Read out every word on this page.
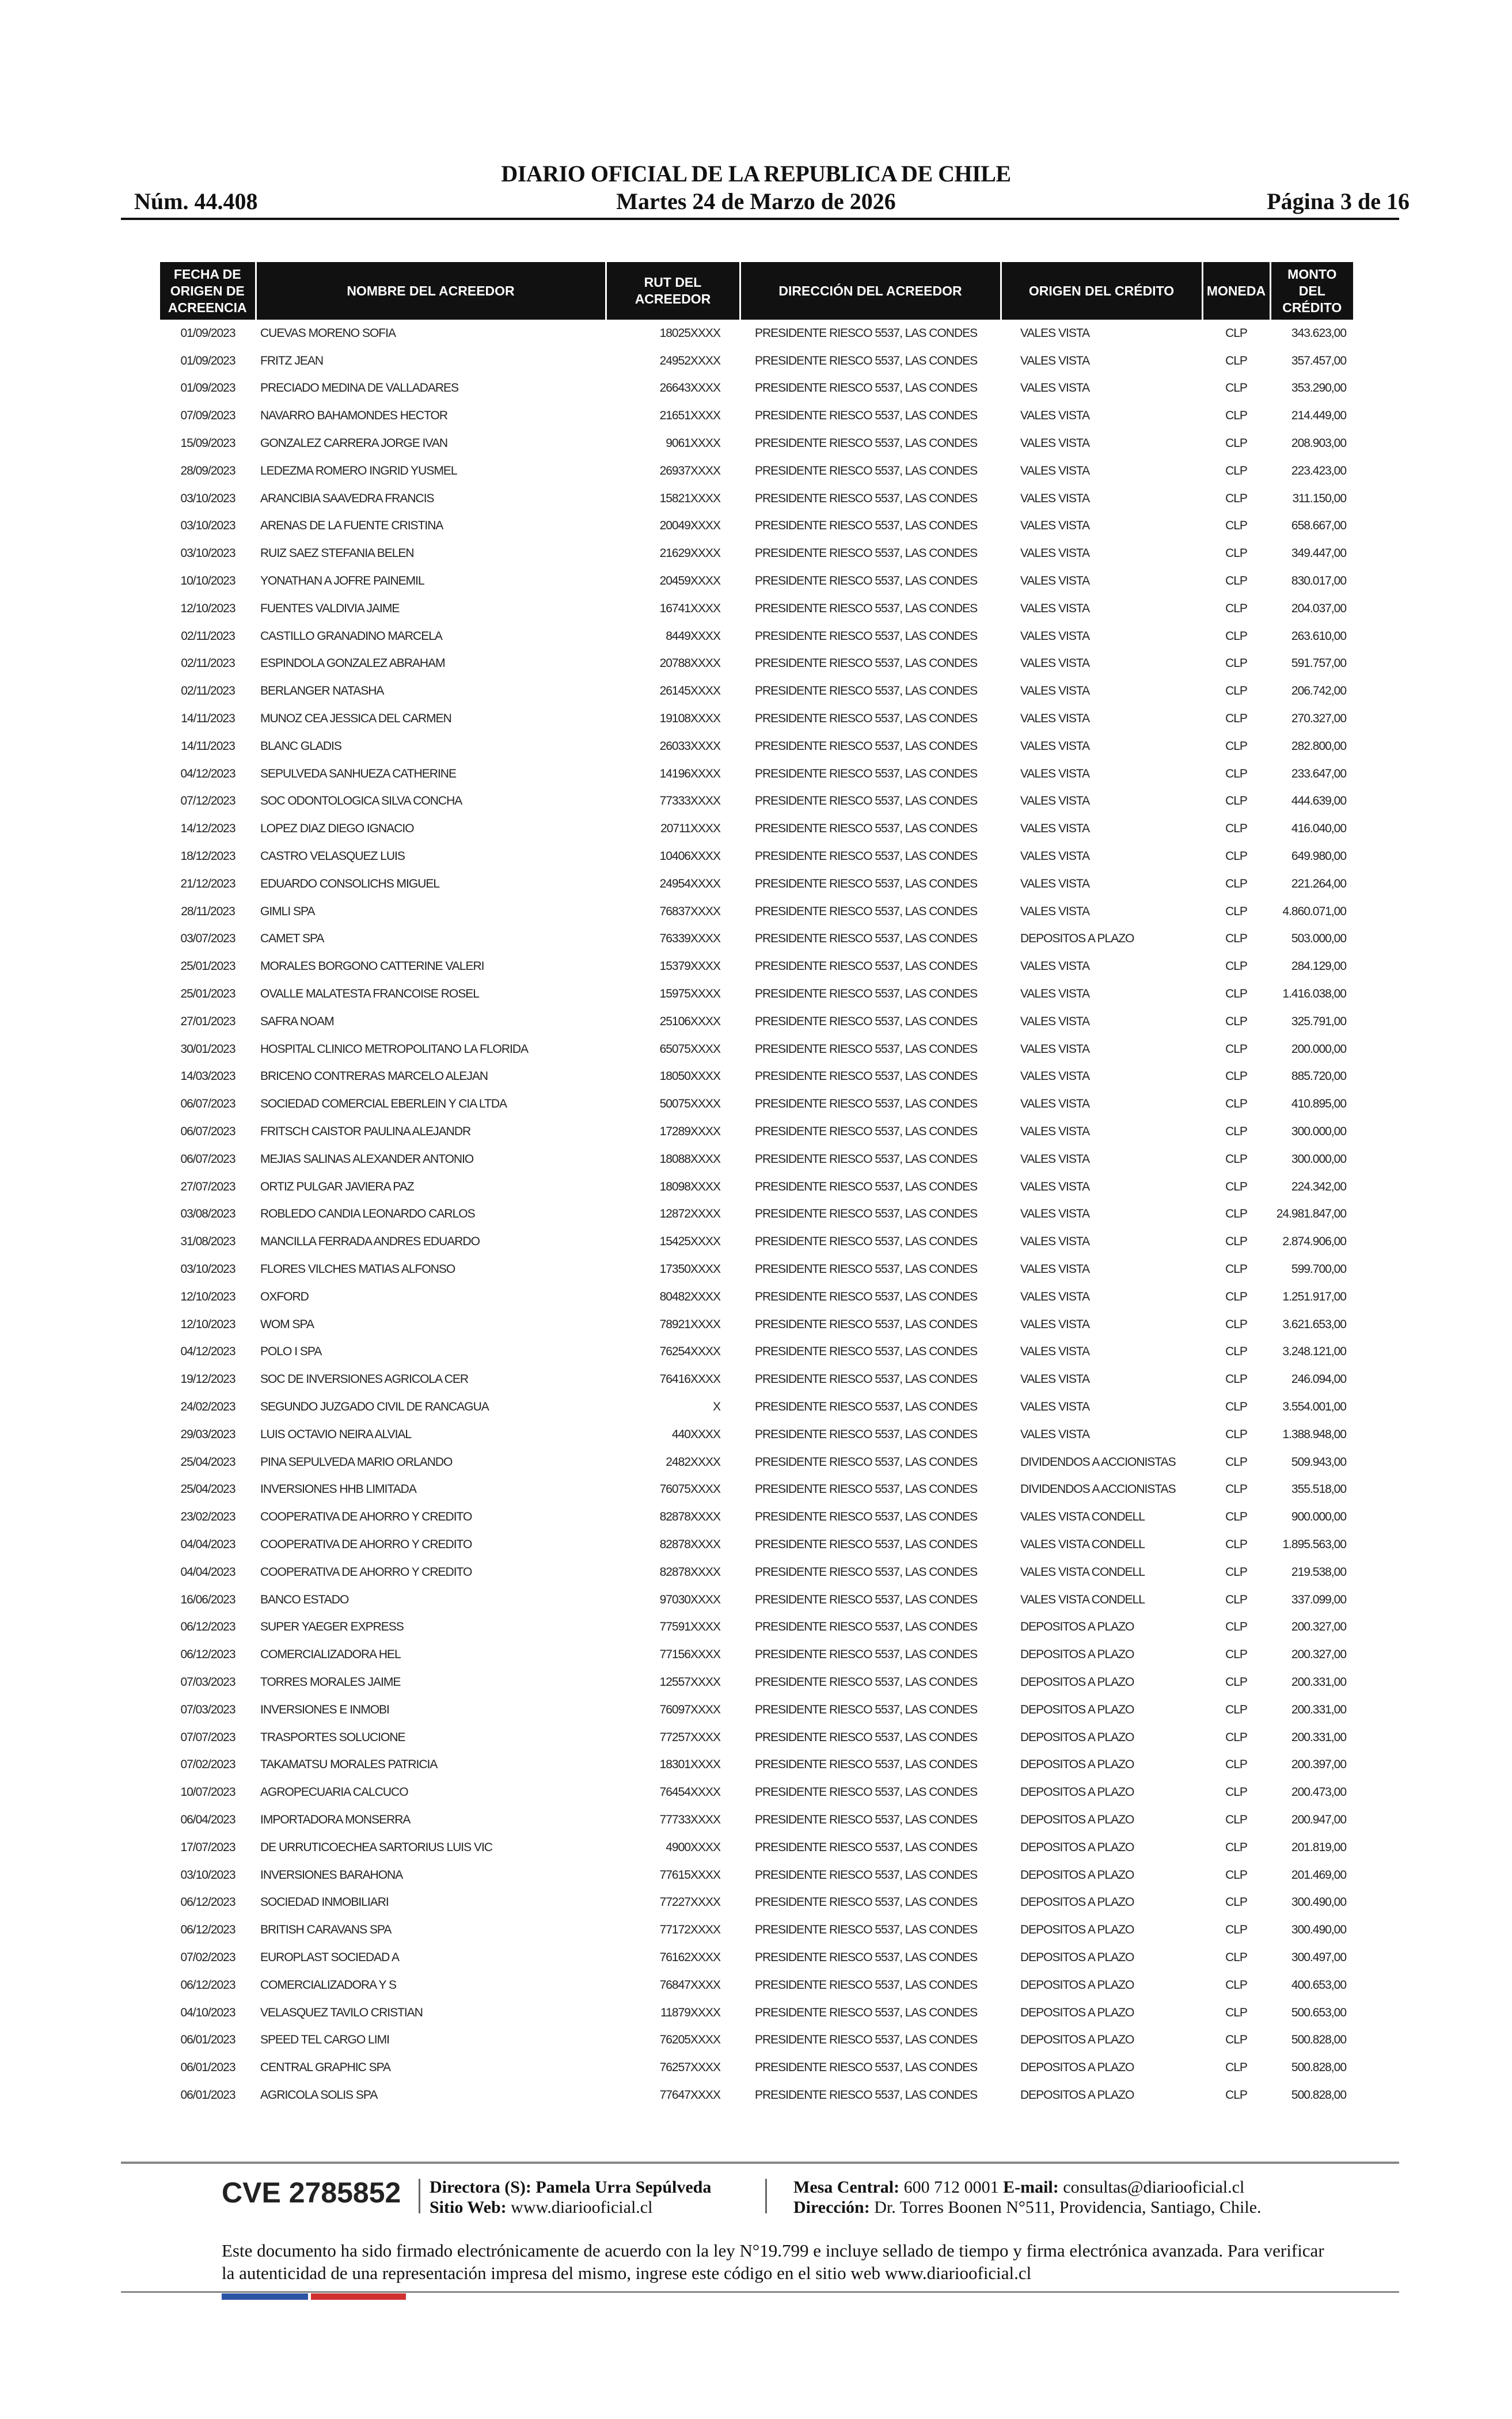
DIARIO OFICIAL DE LA REPUBLICA DE CHILE
Martes 24 de Marzo de 2026
Núm. 44.408	Página 3 de 16
FECHA DE ORIGEN DE ACREENCIA	NOMBRE DEL ACREEDOR	RUT DEL ACREEDOR	DIRECCIÓN DEL ACREEDOR	ORIGEN DEL CRÉDITO	MONEDA	MONTO DEL CRÉDITO
01/09/2023	CUEVAS MORENO SOFIA	18025XXXX	PRESIDENTE RIESCO 5537, LAS CONDES	VALES VISTA	CLP	343.623,00
01/09/2023	FRITZ JEAN	24952XXXX	PRESIDENTE RIESCO 5537, LAS CONDES	VALES VISTA	CLP	357.457,00
01/09/2023	PRECIADO MEDINA DE VALLADARES	26643XXXX	PRESIDENTE RIESCO 5537, LAS CONDES	VALES VISTA	CLP	353.290,00
07/09/2023	NAVARRO BAHAMONDES HECTOR	21651XXXX	PRESIDENTE RIESCO 5537, LAS CONDES	VALES VISTA	CLP	214.449,00
15/09/2023	GONZALEZ CARRERA JORGE IVAN	9061XXXX	PRESIDENTE RIESCO 5537, LAS CONDES	VALES VISTA	CLP	208.903,00
28/09/2023	LEDEZMA ROMERO INGRID YUSMEL	26937XXXX	PRESIDENTE RIESCO 5537, LAS CONDES	VALES VISTA	CLP	223.423,00
03/10/2023	ARANCIBIA SAAVEDRA FRANCIS	15821XXXX	PRESIDENTE RIESCO 5537, LAS CONDES	VALES VISTA	CLP	311.150,00
03/10/2023	ARENAS DE LA FUENTE CRISTINA	20049XXXX	PRESIDENTE RIESCO 5537, LAS CONDES	VALES VISTA	CLP	658.667,00
03/10/2023	RUIZ SAEZ STEFANIA BELEN	21629XXXX	PRESIDENTE RIESCO 5537, LAS CONDES	VALES VISTA	CLP	349.447,00
10/10/2023	YONATHAN A JOFRE PAINEMIL	20459XXXX	PRESIDENTE RIESCO 5537, LAS CONDES	VALES VISTA	CLP	830.017,00
12/10/2023	FUENTES VALDIVIA JAIME	16741XXXX	PRESIDENTE RIESCO 5537, LAS CONDES	VALES VISTA	CLP	204.037,00
02/11/2023	CASTILLO GRANADINO MARCELA	8449XXXX	PRESIDENTE RIESCO 5537, LAS CONDES	VALES VISTA	CLP	263.610,00
02/11/2023	ESPINDOLA GONZALEZ ABRAHAM	20788XXXX	PRESIDENTE RIESCO 5537, LAS CONDES	VALES VISTA	CLP	591.757,00
02/11/2023	BERLANGER NATASHA	26145XXXX	PRESIDENTE RIESCO 5537, LAS CONDES	VALES VISTA	CLP	206.742,00
14/11/2023	MUNOZ CEA JESSICA DEL CARMEN	19108XXXX	PRESIDENTE RIESCO 5537, LAS CONDES	VALES VISTA	CLP	270.327,00
14/11/2023	BLANC GLADIS	26033XXXX	PRESIDENTE RIESCO 5537, LAS CONDES	VALES VISTA	CLP	282.800,00
04/12/2023	SEPULVEDA SANHUEZA CATHERINE	14196XXXX	PRESIDENTE RIESCO 5537, LAS CONDES	VALES VISTA	CLP	233.647,00
07/12/2023	SOC ODONTOLOGICA SILVA CONCHA	77333XXXX	PRESIDENTE RIESCO 5537, LAS CONDES	VALES VISTA	CLP	444.639,00
14/12/2023	LOPEZ DIAZ DIEGO IGNACIO	20711XXXX	PRESIDENTE RIESCO 5537, LAS CONDES	VALES VISTA	CLP	416.040,00
18/12/2023	CASTRO VELASQUEZ LUIS	10406XXXX	PRESIDENTE RIESCO 5537, LAS CONDES	VALES VISTA	CLP	649.980,00
21/12/2023	EDUARDO CONSOLICHS MIGUEL	24954XXXX	PRESIDENTE RIESCO 5537, LAS CONDES	VALES VISTA	CLP	221.264,00
28/11/2023	GIMLI SPA	76837XXXX	PRESIDENTE RIESCO 5537, LAS CONDES	VALES VISTA	CLP	4.860.071,00
03/07/2023	CAMET SPA	76339XXXX	PRESIDENTE RIESCO 5537, LAS CONDES	DEPOSITOS A PLAZO	CLP	503.000,00
25/01/2023	MORALES BORGONO CATTERINE VALERI	15379XXXX	PRESIDENTE RIESCO 5537, LAS CONDES	VALES VISTA	CLP	284.129,00
25/01/2023	OVALLE MALATESTA FRANCOISE ROSEL	15975XXXX	PRESIDENTE RIESCO 5537, LAS CONDES	VALES VISTA	CLP	1.416.038,00
27/01/2023	SAFRA NOAM	25106XXXX	PRESIDENTE RIESCO 5537, LAS CONDES	VALES VISTA	CLP	325.791,00
30/01/2023	HOSPITAL CLINICO METROPOLITANO LA FLORIDA	65075XXXX	PRESIDENTE RIESCO 5537, LAS CONDES	VALES VISTA	CLP	200.000,00
14/03/2023	BRICENO CONTRERAS MARCELO ALEJAN	18050XXXX	PRESIDENTE RIESCO 5537, LAS CONDES	VALES VISTA	CLP	885.720,00
06/07/2023	SOCIEDAD COMERCIAL EBERLEIN Y CIA LTDA	50075XXXX	PRESIDENTE RIESCO 5537, LAS CONDES	VALES VISTA	CLP	410.895,00
06/07/2023	FRITSCH CAISTOR PAULINA ALEJANDR	17289XXXX	PRESIDENTE RIESCO 5537, LAS CONDES	VALES VISTA	CLP	300.000,00
06/07/2023	MEJIAS SALINAS ALEXANDER ANTONIO	18088XXXX	PRESIDENTE RIESCO 5537, LAS CONDES	VALES VISTA	CLP	300.000,00
27/07/2023	ORTIZ PULGAR JAVIERA PAZ	18098XXXX	PRESIDENTE RIESCO 5537, LAS CONDES	VALES VISTA	CLP	224.342,00
03/08/2023	ROBLEDO CANDIA LEONARDO CARLOS	12872XXXX	PRESIDENTE RIESCO 5537, LAS CONDES	VALES VISTA	CLP	24.981.847,00
31/08/2023	MANCILLA FERRADA ANDRES EDUARDO	15425XXXX	PRESIDENTE RIESCO 5537, LAS CONDES	VALES VISTA	CLP	2.874.906,00
03/10/2023	FLORES VILCHES MATIAS ALFONSO	17350XXXX	PRESIDENTE RIESCO 5537, LAS CONDES	VALES VISTA	CLP	599.700,00
12/10/2023	OXFORD	80482XXXX	PRESIDENTE RIESCO 5537, LAS CONDES	VALES VISTA	CLP	1.251.917,00
12/10/2023	WOM SPA	78921XXXX	PRESIDENTE RIESCO 5537, LAS CONDES	VALES VISTA	CLP	3.621.653,00
04/12/2023	POLO I SPA	76254XXXX	PRESIDENTE RIESCO 5537, LAS CONDES	VALES VISTA	CLP	3.248.121,00
19/12/2023	SOC DE INVERSIONES AGRICOLA CER	76416XXXX	PRESIDENTE RIESCO 5537, LAS CONDES	VALES VISTA	CLP	246.094,00
24/02/2023	SEGUNDO JUZGADO CIVIL DE RANCAGUA	X	PRESIDENTE RIESCO 5537, LAS CONDES	VALES VISTA	CLP	3.554.001,00
29/03/2023	LUIS OCTAVIO NEIRA ALVIAL	440XXXX	PRESIDENTE RIESCO 5537, LAS CONDES	VALES VISTA	CLP	1.388.948,00
25/04/2023	PINA SEPULVEDA MARIO ORLANDO	2482XXXX	PRESIDENTE RIESCO 5537, LAS CONDES	DIVIDENDOS A ACCIONISTAS	CLP	509.943,00
25/04/2023	INVERSIONES HHB LIMITADA	76075XXXX	PRESIDENTE RIESCO 5537, LAS CONDES	DIVIDENDOS A ACCIONISTAS	CLP	355.518,00
23/02/2023	COOPERATIVA DE AHORRO Y CREDITO	82878XXXX	PRESIDENTE RIESCO 5537, LAS CONDES	VALES VISTA CONDELL	CLP	900.000,00
04/04/2023	COOPERATIVA DE AHORRO Y CREDITO	82878XXXX	PRESIDENTE RIESCO 5537, LAS CONDES	VALES VISTA CONDELL	CLP	1.895.563,00
04/04/2023	COOPERATIVA DE AHORRO Y CREDITO	82878XXXX	PRESIDENTE RIESCO 5537, LAS CONDES	VALES VISTA CONDELL	CLP	219.538,00
16/06/2023	BANCO ESTADO	97030XXXX	PRESIDENTE RIESCO 5537, LAS CONDES	VALES VISTA CONDELL	CLP	337.099,00
06/12/2023	SUPER YAEGER EXPRESS	77591XXXX	PRESIDENTE RIESCO 5537, LAS CONDES	DEPOSITOS A PLAZO	CLP	200.327,00
06/12/2023	COMERCIALIZADORA HEL	77156XXXX	PRESIDENTE RIESCO 5537, LAS CONDES	DEPOSITOS A PLAZO	CLP	200.327,00
07/03/2023	TORRES MORALES JAIME	12557XXXX	PRESIDENTE RIESCO 5537, LAS CONDES	DEPOSITOS A PLAZO	CLP	200.331,00
07/03/2023	INVERSIONES E INMOBI	76097XXXX	PRESIDENTE RIESCO 5537, LAS CONDES	DEPOSITOS A PLAZO	CLP	200.331,00
07/07/2023	TRASPORTES SOLUCIONE	77257XXXX	PRESIDENTE RIESCO 5537, LAS CONDES	DEPOSITOS A PLAZO	CLP	200.331,00
07/02/2023	TAKAMATSU MORALES PATRICIA	18301XXXX	PRESIDENTE RIESCO 5537, LAS CONDES	DEPOSITOS A PLAZO	CLP	200.397,00
10/07/2023	AGROPECUARIA CALCUCO	76454XXXX	PRESIDENTE RIESCO 5537, LAS CONDES	DEPOSITOS A PLAZO	CLP	200.473,00
06/04/2023	IMPORTADORA MONSERRA	77733XXXX	PRESIDENTE RIESCO 5537, LAS CONDES	DEPOSITOS A PLAZO	CLP	200.947,00
17/07/2023	DE URRUTICOECHEA SARTORIUS LUIS VIC	4900XXXX	PRESIDENTE RIESCO 5537, LAS CONDES	DEPOSITOS A PLAZO	CLP	201.819,00
03/10/2023	INVERSIONES BARAHONA	77615XXXX	PRESIDENTE RIESCO 5537, LAS CONDES	DEPOSITOS A PLAZO	CLP	201.469,00
06/12/2023	SOCIEDAD INMOBILIARI	77227XXXX	PRESIDENTE RIESCO 5537, LAS CONDES	DEPOSITOS A PLAZO	CLP	300.490,00
06/12/2023	BRITISH CARAVANS SPA	77172XXXX	PRESIDENTE RIESCO 5537, LAS CONDES	DEPOSITOS A PLAZO	CLP	300.490,00
07/02/2023	EUROPLAST SOCIEDAD A	76162XXXX	PRESIDENTE RIESCO 5537, LAS CONDES	DEPOSITOS A PLAZO	CLP	300.497,00
06/12/2023	COMERCIALIZADORA Y S	76847XXXX	PRESIDENTE RIESCO 5537, LAS CONDES	DEPOSITOS A PLAZO	CLP	400.653,00
04/10/2023	VELASQUEZ TAVILO CRISTIAN	11879XXXX	PRESIDENTE RIESCO 5537, LAS CONDES	DEPOSITOS A PLAZO	CLP	500.653,00
06/01/2023	SPEED TEL CARGO LIMI	76205XXXX	PRESIDENTE RIESCO 5537, LAS CONDES	DEPOSITOS A PLAZO	CLP	500.828,00
06/01/2023	CENTRAL GRAPHIC SPA	76257XXXX	PRESIDENTE RIESCO 5537, LAS CONDES	DEPOSITOS A PLAZO	CLP	500.828,00
06/01/2023	AGRICOLA SOLIS SPA	77647XXXX	PRESIDENTE RIESCO 5537, LAS CONDES	DEPOSITOS A PLAZO	CLP	500.828,00
CVE 2785852 Directora (S): Pamela Urra Sepúlveda
Sitio Web: www.diariooficial.cl
Mesa Central: 600 712 0001 E-mail: consultas@diariooficial.cl
Dirección: Dr. Torres Boonen N°511, Providencia, Santiago, Chile.
Este documento ha sido firmado electrónicamente de acuerdo con la ley N°19.799 e incluye sellado de tiempo y firma electrónica avanzada. Para verificar la autenticidad de una representación impresa del mismo, ingrese este código en el sitio web www.diariooficial.cl
